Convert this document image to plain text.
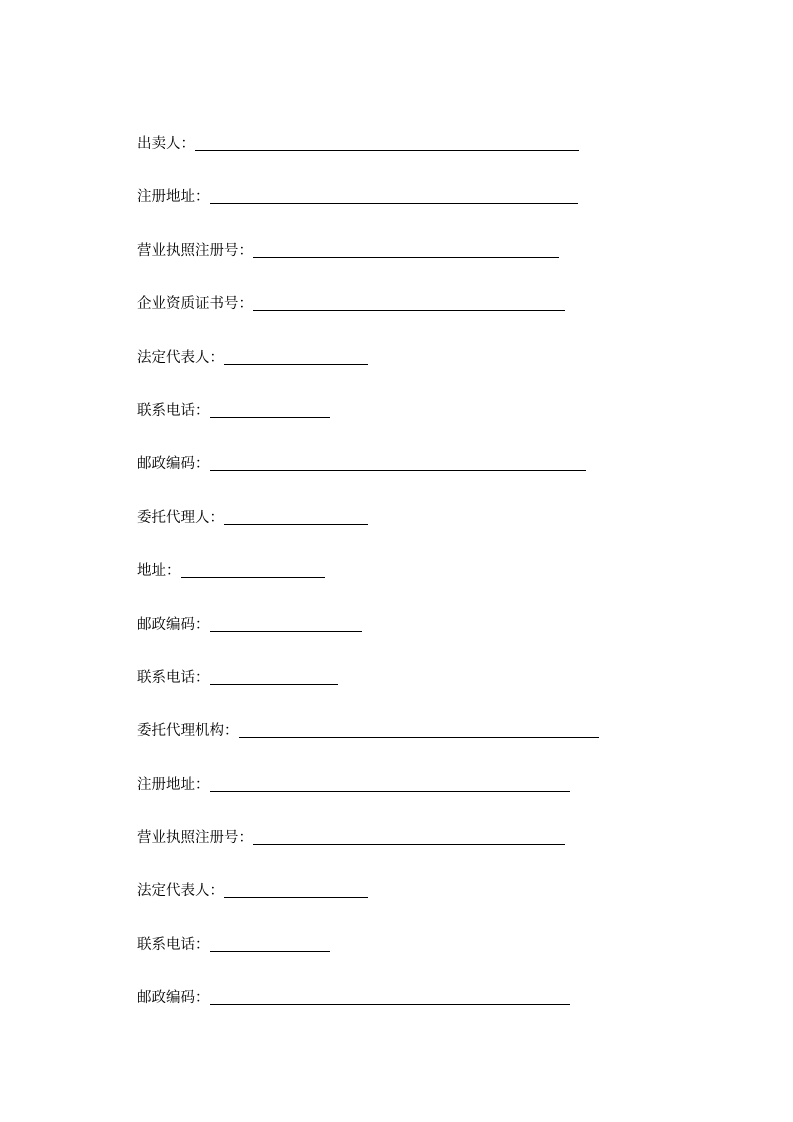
出卖人：
注册地址：
营业执照注册号：
企业资质证书号：
法定代表人：
联系电话：
邮政编码：
委托代理人：
地址：
邮政编码：
联系电话：
委托代理机构：
注册地址：
营业执照注册号：
法定代表人：
联系电话：
邮政编码：
